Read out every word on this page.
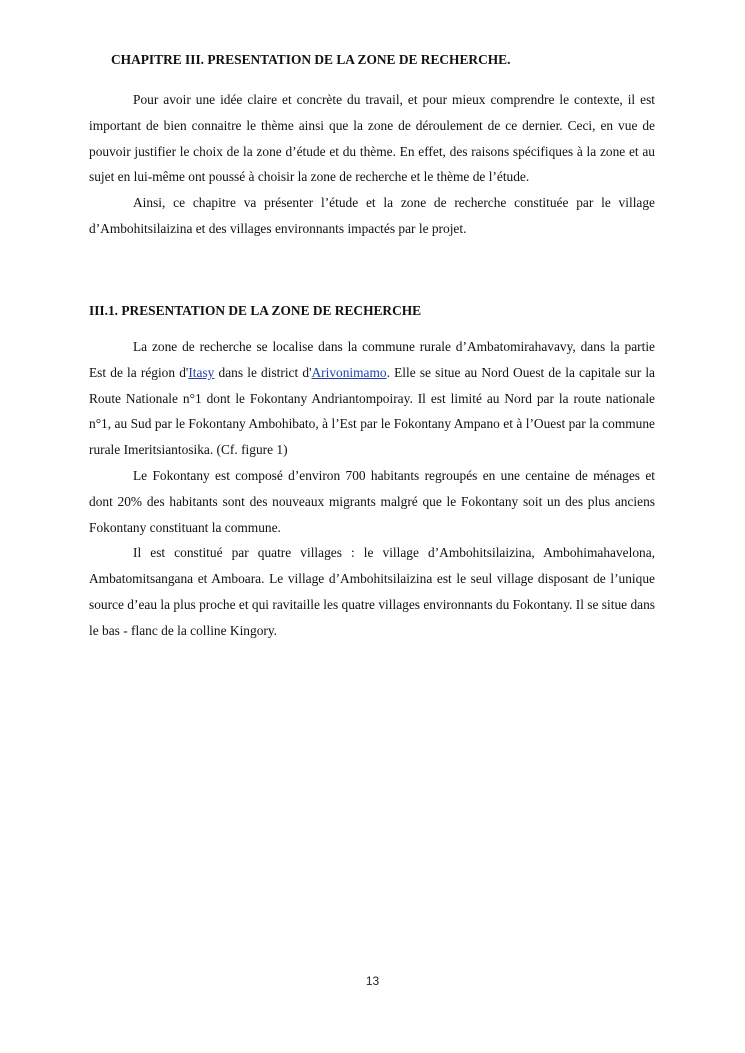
CHAPITRE III. PRESENTATION DE LA ZONE DE RECHERCHE.

Pour avoir une idée claire et concrète du travail, et pour mieux comprendre le contexte, il est important de bien connaitre le thème ainsi que la zone de déroulement de ce dernier. Ceci, en vue de pouvoir justifier le choix de la zone d’étude et du thème. En effet, des raisons spécifiques à la zone et au sujet en lui-même ont poussé à choisir la zone de recherche et le thème de l’étude.

Ainsi, ce chapitre va présenter l’étude et la zone de recherche constituée par le village d’Ambohitsilaizina et des villages environnants impactés par le projet.

III.1. PRESENTATION DE LA ZONE DE RECHERCHE

La zone de recherche se localise dans la commune rurale d’Ambatomirahavavy, dans la partie Est de la région d'Itasy dans le district d'Arivonimamo. Elle se situe au Nord Ouest de la capitale sur la Route Nationale n°1 dont le Fokontany Andriantompoiray. Il est limité au Nord par la route nationale n°1, au Sud par le Fokontany Ambohibato, à l’Est par le Fokontany Ampano et à l’Ouest par la commune rurale Imeritsiantosika. (Cf. figure 1)

Le Fokontany est composé d’environ 700 habitants regroupés en une centaine de ménages et dont 20% des habitants sont des nouveaux migrants malgré que le Fokontany soit un des plus anciens Fokontany constituant la commune.

Il est constitué par quatre villages : le village d’Ambohitsilaizina, Ambohimahavelona, Ambatomitsangana et Amboara. Le village d’Ambohitsilaizina est le seul village disposant de l’unique source d’eau la plus proche et qui ravitaille les quatre villages environnants du Fokontany. Il se situe dans le bas - flanc de la colline Kingory.

13
